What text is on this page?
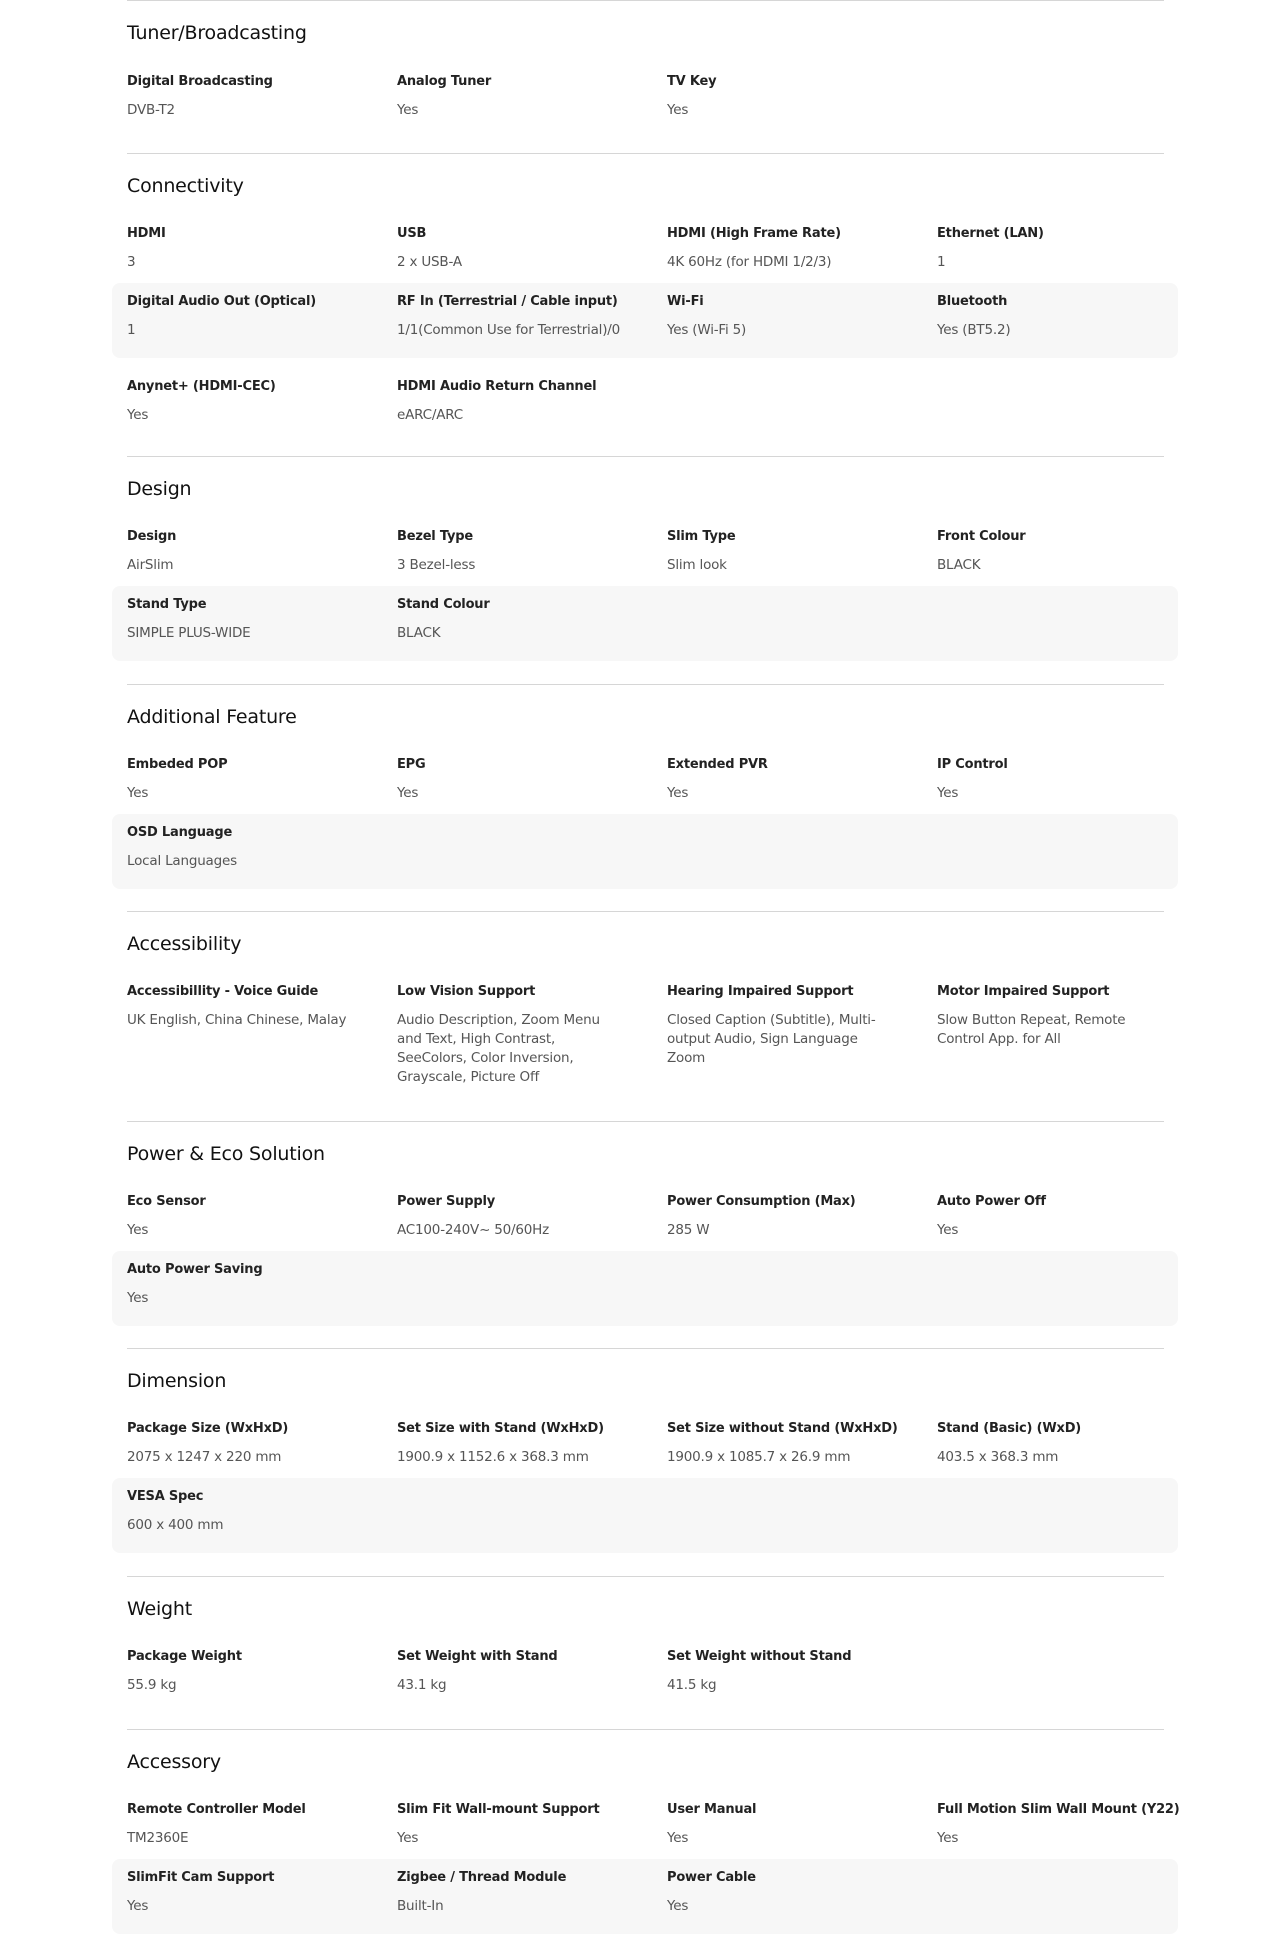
Tuner/Broadcasting
Digital Broadcasting
DVB-T2
Analog Tuner
Yes
TV Key
Yes
Connectivity
HDMI
3
USB
2 x USB-A
HDMI (High Frame Rate)
4K 60Hz (for HDMI 1/2/3)
Ethernet (LAN)
1
Digital Audio Out (Optical)
1
RF In (Terrestrial / Cable input)
1/1(Common Use for Terrestrial)/0
Wi-Fi
Yes (Wi-Fi 5)
Bluetooth
Yes (BT5.2)
Anynet+ (HDMI-CEC)
Yes
HDMI Audio Return Channel
eARC/ARC
Design
Design
AirSlim
Bezel Type
3 Bezel-less
Slim Type
Slim look
Front Colour
BLACK
Stand Type
SIMPLE PLUS-WIDE
Stand Colour
BLACK
Additional Feature
Embeded POP
Yes
EPG
Yes
Extended PVR
Yes
IP Control
Yes
OSD Language
Local Languages
Accessibility
Accessibillity - Voice Guide
UK English, China Chinese, Malay
Low Vision Support
Audio Description, Zoom Menu and Text, High Contrast, SeeColors, Color Inversion, Grayscale, Picture Off
Hearing Impaired Support
Closed Caption (Subtitle), Multi-output Audio, Sign Language Zoom
Motor Impaired Support
Slow Button Repeat, Remote Control App. for All
Power & Eco Solution
Eco Sensor
Yes
Power Supply
AC100-240V~ 50/60Hz
Power Consumption (Max)
285 W
Auto Power Off
Yes
Auto Power Saving
Yes
Dimension
Package Size (WxHxD)
2075 x 1247 x 220 mm
Set Size with Stand (WxHxD)
1900.9 x 1152.6 x 368.3 mm
Set Size without Stand (WxHxD)
1900.9 x 1085.7 x 26.9 mm
Stand (Basic) (WxD)
403.5 x 368.3 mm
VESA Spec
600 x 400 mm
Weight
Package Weight
55.9 kg
Set Weight with Stand
43.1 kg
Set Weight without Stand
41.5 kg
Accessory
Remote Controller Model
TM2360E
Slim Fit Wall-mount Support
Yes
User Manual
Yes
Full Motion Slim Wall Mount (Y22)
Yes
SlimFit Cam Support
Yes
Zigbee / Thread Module
Built-In
Power Cable
Yes
